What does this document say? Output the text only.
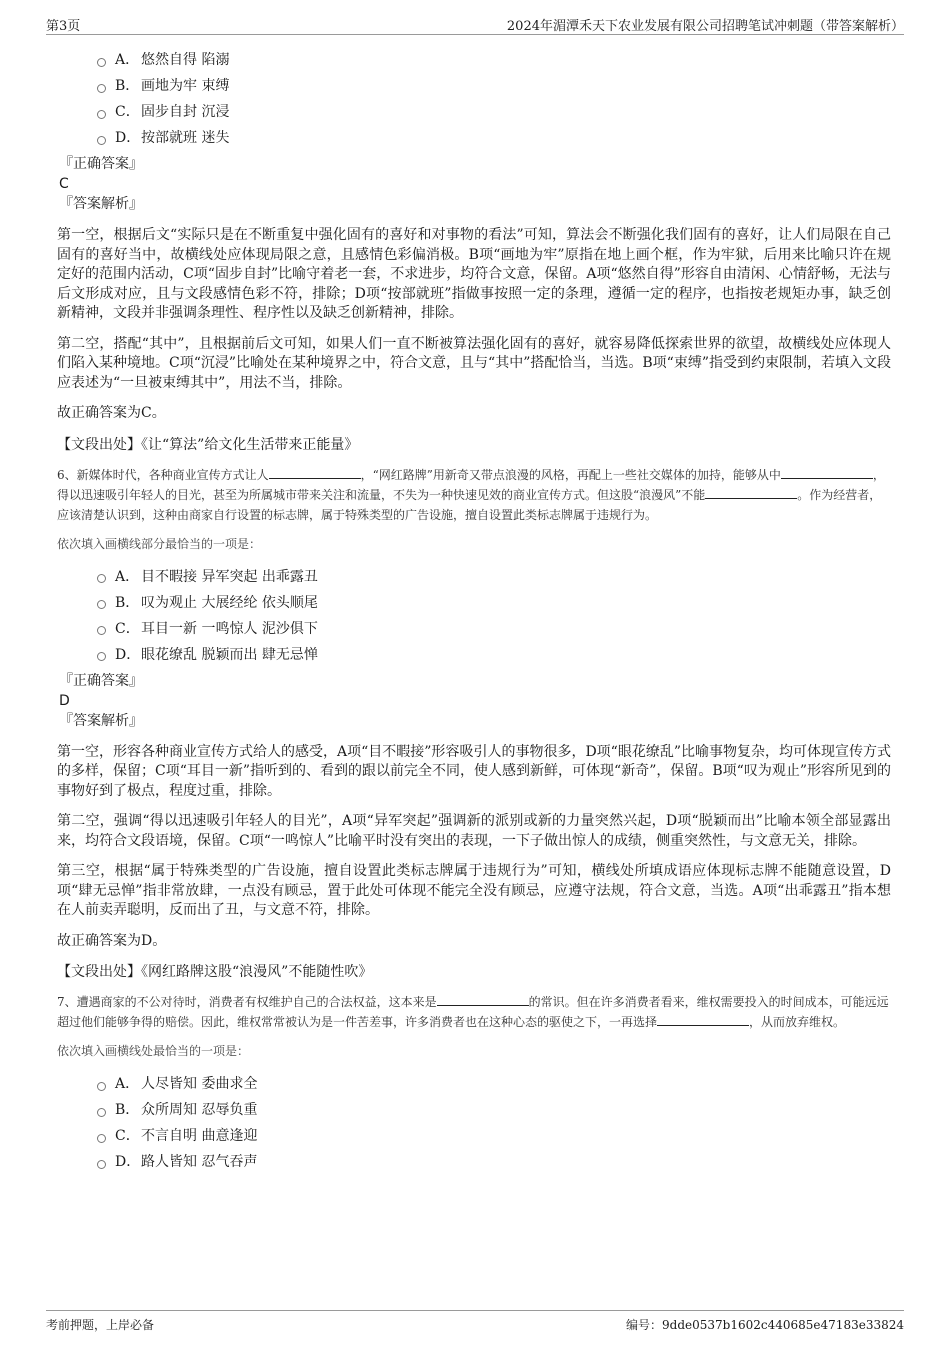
第3页	2024年湄潭禾天下农业发展有限公司招聘笔试冲刺题（带答案解析）
A． 悠然自得 陷溺
B． 画地为牢 束缚
C． 固步自封 沉浸
D． 按部就班 迷失
『正确答案』
C
『答案解析』

第一空，根据后文“实际只是在不断重复中强化固有的喜好和对事物的看法”可知，算法会不断强化我们固有的喜好，让人们局限在自己固有的喜好当中，故横线处应体现局限之意，且感情色彩偏消极。B项“画地为牢”原指在地上画个框，作为牢狱，后用来比喻只许在规定好的范围内活动，C项“固步自封”比喻守着老一套，不求进步，均符合文意，保留。A项“悠然自得”形容自由清闲、心情舒畅，无法与后文形成对应，且与文段感情色彩不符，排除；D项“按部就班”指做事按照一定的条理，遵循一定的程序，也指按老规矩办事，缺乏创新精神，文段并非强调条理性、程序性以及缺乏创新精神，排除。

第二空，搭配“其中”，且根据前后文可知，如果人们一直不断被算法强化固有的喜好，就容易降低探索世界的欲望，故横线处应体现人们陷入某种境地。C项“沉浸”比喻处在某种境界之中，符合文意，且与“其中”搭配恰当，当选。B项“束缚”指受到约束限制，若填入文段应表述为“一旦被束缚其中”，用法不当，排除。

故正确答案为C。

【文段出处】《让“算法”给文化生活带来正能量》
6、新媒体时代，各种商业宣传方式让人	，“网红路牌”用新奇又带点浪漫的风格，再配上一些社交媒体的加持，能够从中	，得以迅速吸引年轻人的目光，甚至为所属城市带来关注和流量，不失为一种快速见效的商业宣传方式。但这股“浪漫风”不能	。作为经营者，应该清楚认识到，这种由商家自行设置的标志牌，属于特殊类型的广告设施，擅自设置此类标志牌属于违规行为。
依次填入画横线部分最恰当的一项是：
A． 目不暇接 异军突起 出乖露丑
B． 叹为观止 大展经纶 依头顺尾
C． 耳目一新 一鸣惊人 泥沙俱下
D． 眼花缭乱 脱颖而出 肆无忌惮
『正确答案』
D
『答案解析』

第一空，形容各种商业宣传方式给人的感受，A项“目不暇接”形容吸引人的事物很多，D项“眼花缭乱”比喻事物复杂，均可体现宣传方式的多样，保留；C项“耳目一新”指听到的、看到的跟以前完全不同，使人感到新鲜，可体现“新奇”，保留。B项“叹为观止”形容所见到的事物好到了极点，程度过重，排除。

第二空，强调“得以迅速吸引年轻人的目光”，A项“异军突起”强调新的派别或新的力量突然兴起，D项“脱颖而出”比喻本领全部显露出来，均符合文段语境，保留。C项“一鸣惊人”比喻平时没有突出的表现，一下子做出惊人的成绩，侧重突然性，与文意无关，排除。

第三空，根据“属于特殊类型的广告设施，擅自设置此类标志牌属于违规行为”可知，横线处所填成语应体现标志牌不能随意设置，D项“肆无忌惮”指非常放肆，一点没有顾忌，置于此处可体现不能完全没有顾忌，应遵守法规，符合文意，当选。A项“出乖露丑”指本想在人前卖弄聪明，反而出了丑，与文意不符，排除。

故正确答案为D。

【文段出处】《网红路牌这股“浪漫风”不能随性吹》
7、遭遇商家的不公对待时，消费者有权维护自己的合法权益，这本来是	的常识。但在许多消费者看来，维权需要投入的时间成本，可能远远超过他们能够争得的赔偿。因此，维权常常被认为是一件苦差事，许多消费者也在这种心态的驱使之下，一再选择	，从而放弃维权。
依次填入画横线处最恰当的一项是：
A． 人尽皆知 委曲求全
B． 众所周知 忍辱负重
C． 不言自明 曲意逢迎
D． 路人皆知 忍气吞声
考前押题，上岸必备	编号：9dde0537b1602c440685e47183e33824
